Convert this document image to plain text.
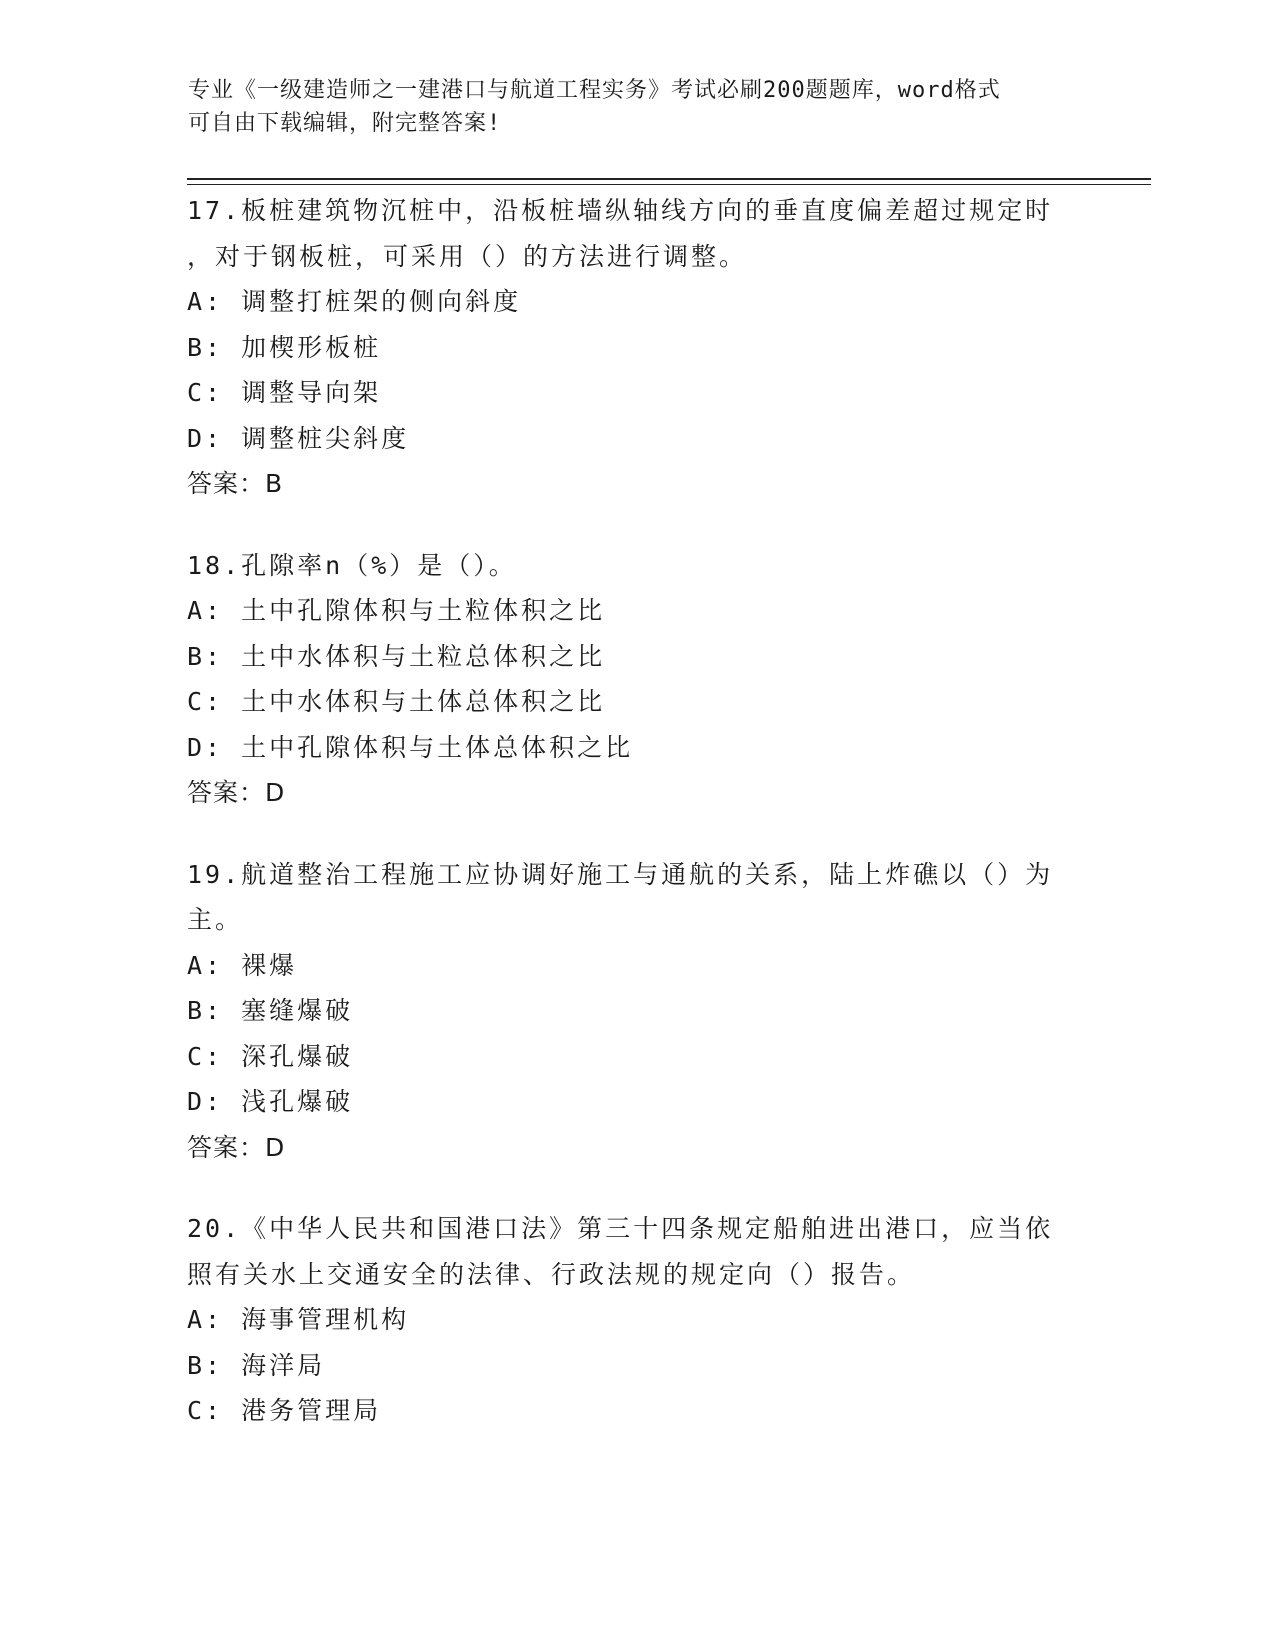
专业《一级建造师之一建港口与航道工程实务》考试必刷200题题库，word格式
可自由下载编辑，附完整答案!
17.板桩建筑物沉桩中，沿板桩墙纵轴线方向的垂直度偏差超过规定时
，对于钢板桩，可采用（）的方法进行调整。
A: 调整打桩架的侧向斜度
B: 加楔形板桩
C: 调整导向架
D: 调整桩尖斜度
答案：B
18.孔隙率n（%）是（）。
A: 土中孔隙体积与土粒体积之比
B: 土中水体积与土粒总体积之比
C: 土中水体积与土体总体积之比
D: 土中孔隙体积与土体总体积之比
答案：D
19.航道整治工程施工应协调好施工与通航的关系，陆上炸礁以（）为
主。
A: 裸爆
B: 塞缝爆破
C: 深孔爆破
D: 浅孔爆破
答案：D
20.《中华人民共和国港口法》第三十四条规定船舶进出港口，应当依
照有关水上交通安全的法律、行政法规的规定向（）报告。
A: 海事管理机构
B: 海洋局
C: 港务管理局
